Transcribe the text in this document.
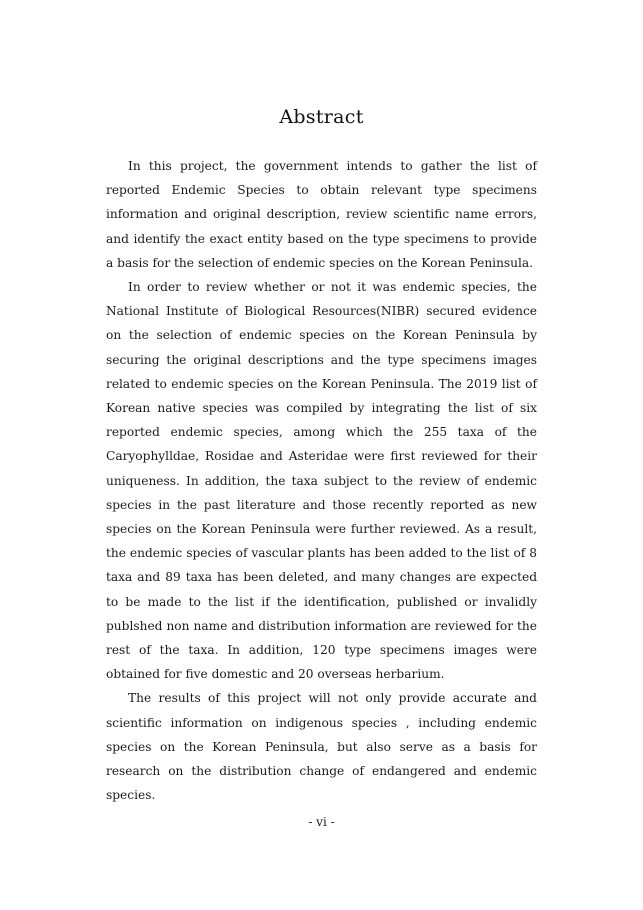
Abstract

In this project, the government intends to gather the list of reported Endemic Species to obtain relevant type specimens information and original description, review scientific name errors, and identify the exact entity based on the type specimens to provide a basis for the selection of endemic species on the Korean Peninsula.

In order to review whether or not it was endemic species, the National Institute of Biological Resources(NIBR) secured evidence on the selection of endemic species on the Korean Peninsula by securing the original descriptions and the type specimens images related to endemic species on the Korean Peninsula. The 2019 list of Korean native species was compiled by integrating the list of six reported endemic species, among which the 255 taxa of the Caryophylldae, Rosidae and Asteridae were first reviewed for their uniqueness. In addition, the taxa subject to the review of endemic species in the past literature and those recently reported as new species on the Korean Peninsula were further reviewed. As a result, the endemic species of vascular plants has been added to the list of 8 taxa and 89 taxa has been deleted, and many changes are expected to be made to the list if the identification, published or invalidly publshed non name and distribution information are reviewed for the rest of the taxa. In addition, 120 type specimens images were obtained for five domestic and 20 overseas herbarium.

The results of this project will not only provide accurate and scientific information on indigenous species , including endemic species on the Korean Peninsula, but also serve as a basis for research on the distribution change of endangered and endemic species.

- vi -
